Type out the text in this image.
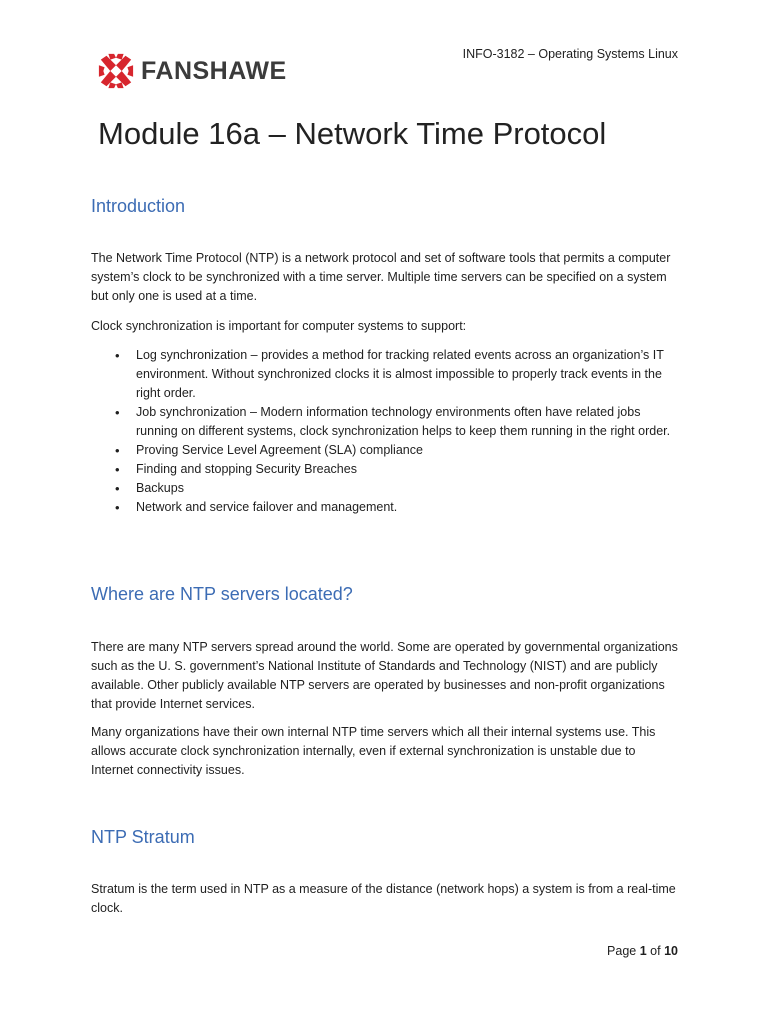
FANSHAWE
INFO-3182 – Operating Systems Linux
Module 16a – Network Time Protocol
Introduction

The Network Time Protocol (NTP) is a network protocol and set of software tools that permits a computer system’s clock to be synchronized with a time server. Multiple time servers can be specified on a system but only one is used at a time.

Clock synchronization is important for computer systems to support:

• Log synchronization – provides a method for tracking related events across an organization’s IT environment. Without synchronized clocks it is almost impossible to properly track events in the right order.
• Job synchronization – Modern information technology environments often have related jobs running on different systems, clock synchronization helps to keep them running in the right order.
• Proving Service Level Agreement (SLA) compliance
• Finding and stopping Security Breaches
• Backups
• Network and service failover and management.
Where are NTP servers located?

There are many NTP servers spread around the world. Some are operated by governmental organizations such as the U. S. government’s National Institute of Standards and Technology (NIST) and are publicly available. Other publicly available NTP servers are operated by businesses and non-profit organizations that provide Internet services.

Many organizations have their own internal NTP time servers which all their internal systems use. This allows accurate clock synchronization internally, even if external synchronization is unstable due to Internet connectivity issues.

NTP Stratum

Stratum is the term used in NTP as a measure of the distance (network hops) a system is from a real-time clock.

Page 1 of 10
